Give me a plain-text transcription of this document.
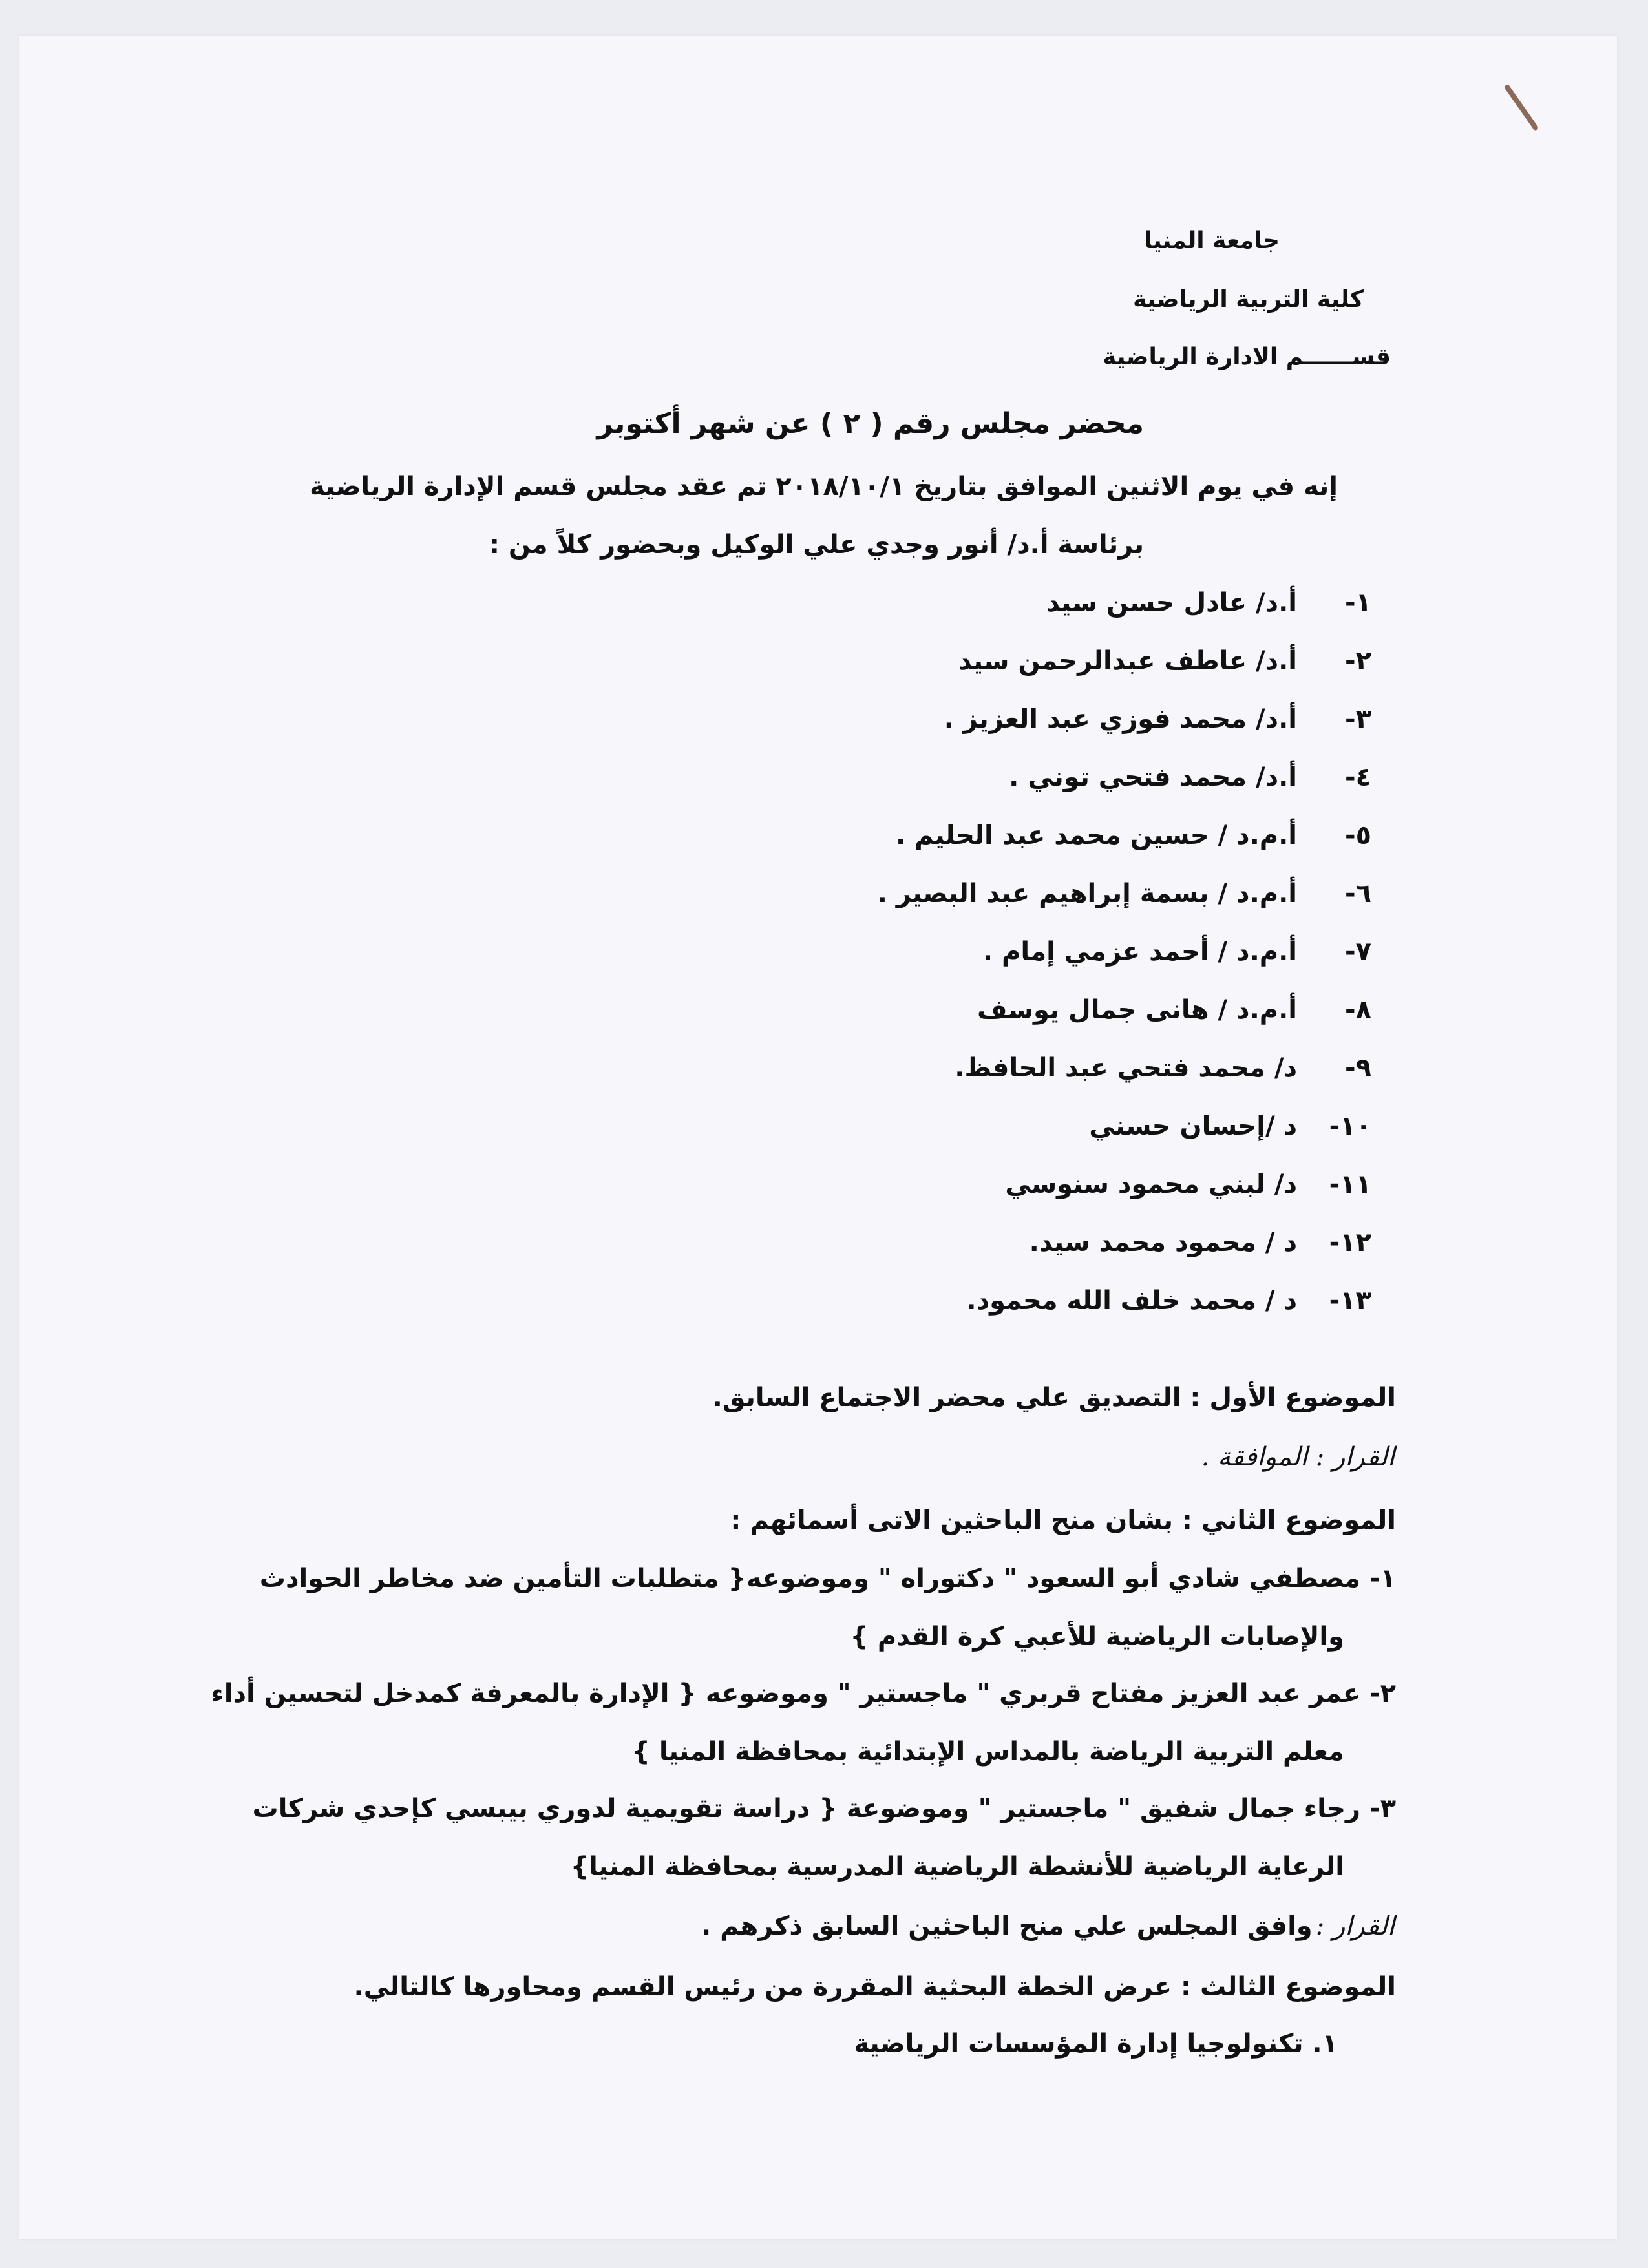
جامعة المنيا
كلية التربية الرياضية
قســــــم الادارة الرياضية
محضر مجلس رقم ( ٢ ) عن شهر أكتوبر
إنه في يوم الاثنين الموافق بتاريخ ٢٠١٨/١٠/١ تم عقد مجلس قسم الإدارة الرياضية
برئاسة أ.د/ أنور وجدي علي الوكيل وبحضور كلاً من :
١-أ.د/ عادل حسن سيد
٢-أ.د/ عاطف عبدالرحمن سيد
٣-أ.د/ محمد فوزي عبد العزيز .
٤-أ.د/ محمد فتحي توني .
٥-أ.م.د / حسين محمد عبد الحليم .
٦-أ.م.د / بسمة إبراهيم عبد البصير .
٧-أ.م.د / أحمد عزمي إمام .
٨-أ.م.د / هانى جمال يوسف
٩-د/ محمد فتحي عبد الحافظ.
١٠-د /إحسان حسني
١١-د/ لبني محمود سنوسي
١٢-د / محمود محمد سيد.
١٣-د / محمد خلف الله محمود.
الموضوع الأول : التصديق علي محضر الاجتماع السابق.
القرار : الموافقة .
الموضوع الثاني : بشان منح الباحثين الاتى أسمائهم :
١- مصطفي شادي أبو السعود " دكتوراه " وموضوعه{ متطلبات التأمين ضد مخاطر الحوادث
والإصابات الرياضية للأعبي كرة القدم }
٢- عمر عبد العزيز مفتاح قربري " ماجستير " وموضوعه { الإدارة بالمعرفة كمدخل لتحسين أداء
معلم التربية الرياضة بالمداس الإبتدائية بمحافظة المنيا }
٣- رجاء جمال شفيق " ماجستير " وموضوعة { دراسة تقويمية لدوري بيبسي كإحدي شركات
الرعاية الرياضية للأنشطة الرياضية المدرسية بمحافظة المنيا}
القرار : وافق المجلس علي منح الباحثين السابق ذكرهم .
الموضوع الثالث : عرض الخطة البحثية المقررة من رئيس القسم ومحاورها كالتالي.
١. تكنولوجيا إدارة المؤسسات الرياضية
